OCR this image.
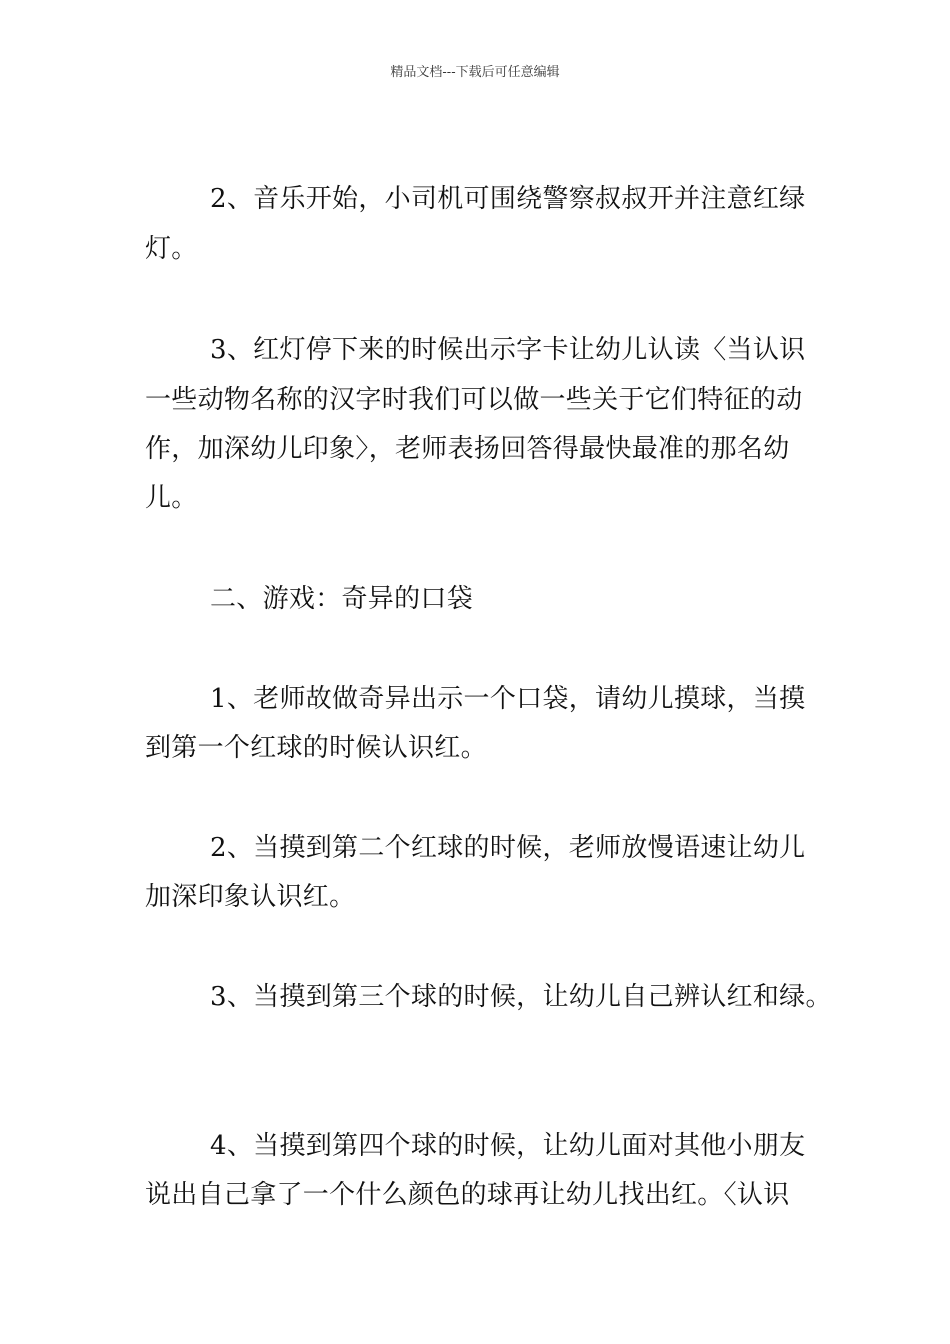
精品文档---下载后可任意编辑
2、音乐开始，小司机可围绕警察叔叔开并注意红绿
灯。
3、红灯停下来的时候出示字卡让幼儿认读〈当认识
一些动物名称的汉字时我们可以做一些关于它们特征的动
作，加深幼儿印象〉，老师表扬回答得最快最准的那名幼
儿。
二、游戏：奇异的口袋
1、老师故做奇异出示一个口袋，请幼儿摸球，当摸
到第一个红球的时候认识红。
2、当摸到第二个红球的时候，老师放慢语速让幼儿
加深印象认识红。
3、当摸到第三个球的时候，让幼儿自己辨认红和绿。
4、当摸到第四个球的时候，让幼儿面对其他小朋友
说出自己拿了一个什么颜色的球再让幼儿找出红。〈认识
